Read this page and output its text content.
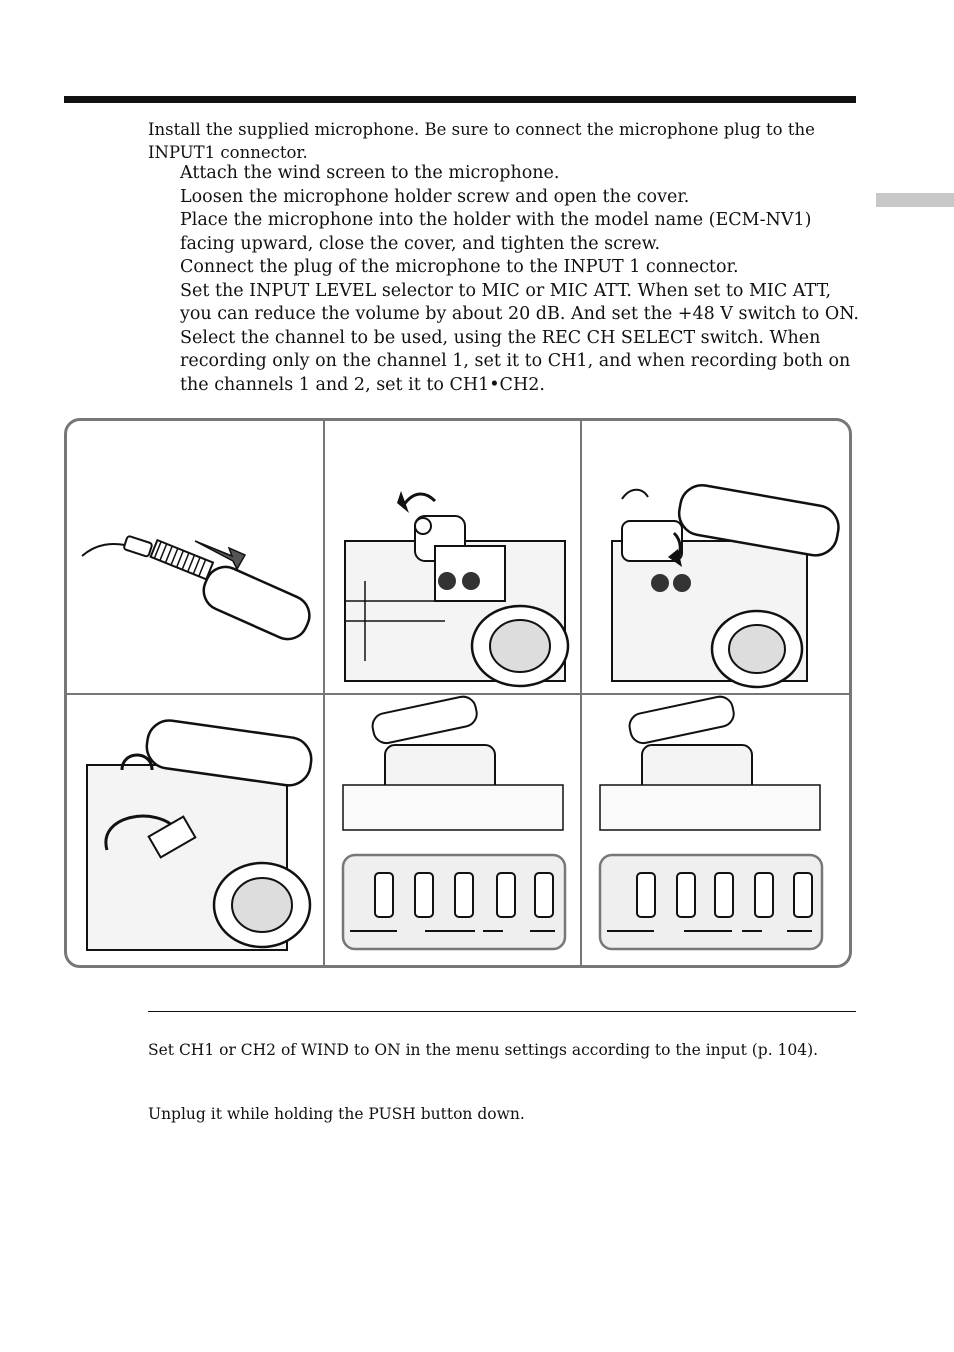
Install the supplied microphone. Be sure to connect the microphone plug to the INPUT1 connector.

Attach the wind screen to the microphone.
Loosen the microphone holder screw and open the cover.
Place the microphone into the holder with the model name (ECM-NV1) facing upward, close the cover, and tighten the screw.
Connect the plug of the microphone to the INPUT 1 connector.
Set the INPUT LEVEL selector to MIC or MIC ATT. When set to MIC ATT, you can reduce the volume by about 20 dB. And set the +48 V switch to ON.
Select the channel to be used, using the REC CH SELECT switch. When recording only on the channel 1, set it to CH1, and when recording both on the channels 1 and 2, set it to CH1•CH2.
Set CH1 or CH2 of WIND to ON in the menu settings according to the input (p. 104).
Unplug it while holding the PUSH button down.
